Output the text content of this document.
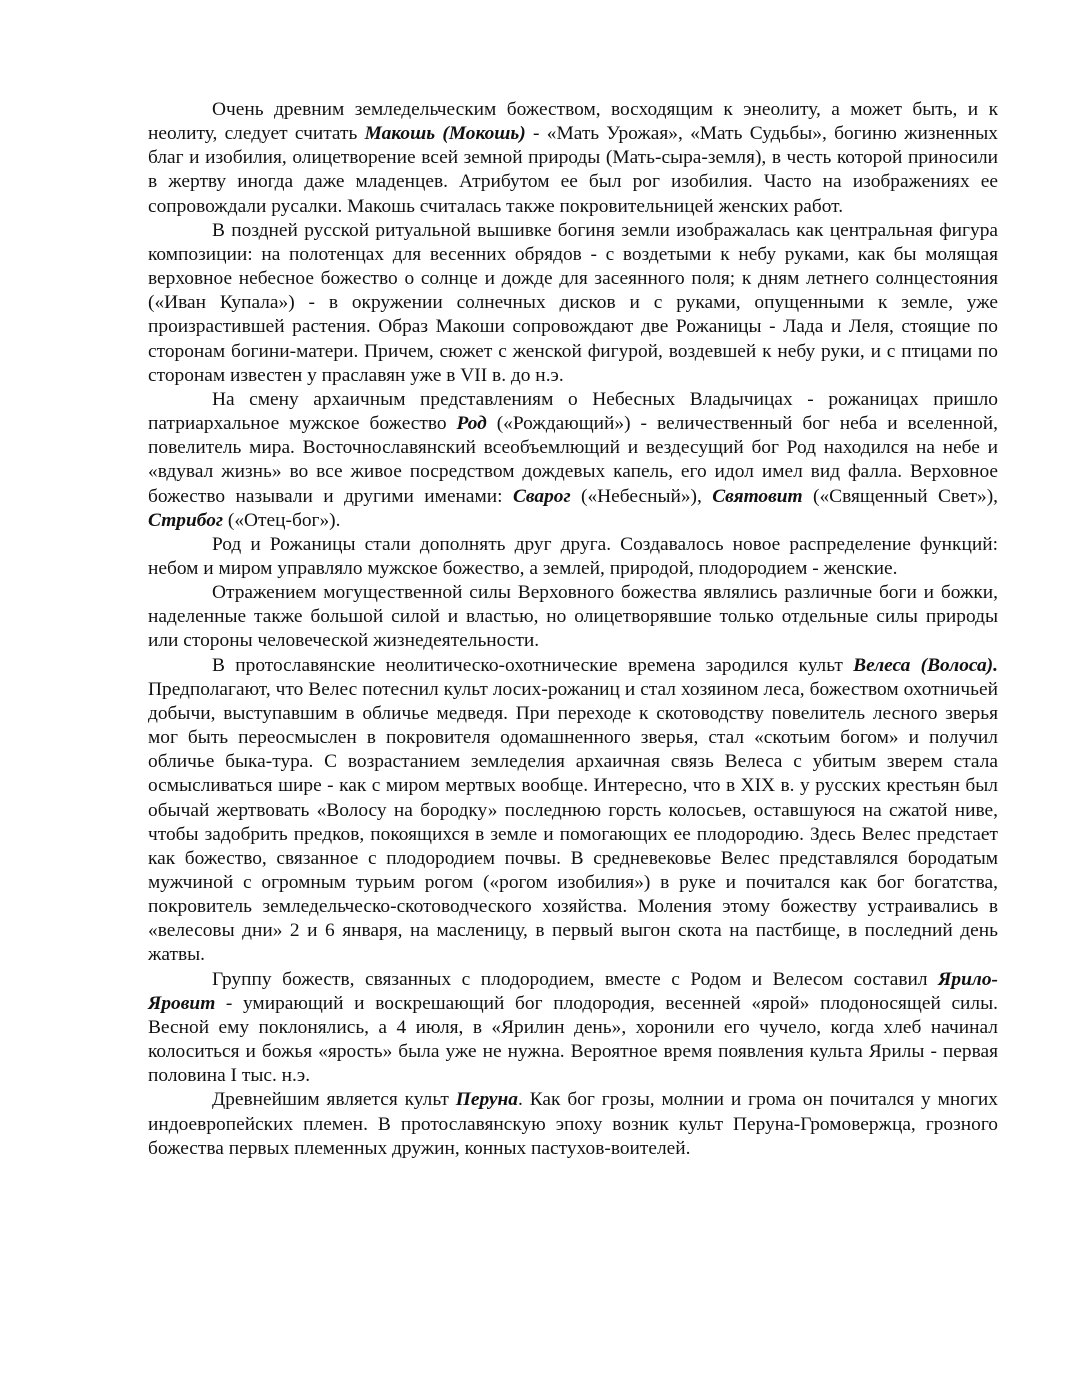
Очень древним земледельческим божеством, восходящим к энеолиту, а может быть, и к неолиту, следует считать Макошь (Мокошь) - «Мать Урожая», «Мать Судьбы», богиню жизненных благ и изобилия, олицетворение всей земной природы (Мать-сыра-земля), в честь которой приносили в жертву иногда даже младенцев. Атрибутом ее был рог изобилия. Часто на изображениях ее сопровождали русалки. Макошь считалась также покровительницей женских работ.

В поздней русской ритуальной вышивке богиня земли изображалась как центральная фигура композиции: на полотенцах для весенних обрядов - с воздетыми к небу руками, как бы молящая верховное небесное божество о солнце и дожде для засеянного поля; к дням летнего солнцестояния («Иван Купала») - в окружении солнечных дисков и с руками, опущенными к земле, уже произрастившей растения. Образ Макоши сопровождают две Рожаницы - Лада и Леля, стоящие по сторонам богини-матери. Причем, сюжет с женской фигурой, воздевшей к небу руки, и с птицами по сторонам известен у праславян уже в VII в. до н.э.

На смену архаичным представлениям о Небесных Владычицах - рожаницах пришло патриархальное мужское божество Род («Рождающий») - величественный бог неба и вселенной, повелитель мира. Восточнославянский всеобъемлющий и вездесущий бог Род находился на небе и «вдувал жизнь» во все живое посредством дождевых капель, его идол имел вид фалла. Верховное божество называли и другими именами: Сварог («Небесный»), Святовит («Священный Свет»), Стрибог («Отец-бог»).

Род и Рожаницы стали дополнять друг друга. Создавалось новое распределение функций: небом и миром управляло мужское божество, а землей, природой, плодородием - женские.

Отражением могущественной силы Верховного божества являлись различные боги и божки, наделенные также большой силой и властью, но олицетворявшие только отдельные силы природы или стороны человеческой жизнедеятельности.

В протославянские неолитическо-охотнические времена зародился культ Велеса (Волоса). Предполагают, что Велес потеснил культ лосих-рожаниц и стал хозяином леса, божеством охотничьей добычи, выступавшим в обличье медведя. При переходе к скотоводству повелитель лесного зверья мог быть переосмыслен в покровителя одомашненного зверья, стал «скотьим богом» и получил обличье быка-тура. С возрастанием земледелия архаичная связь Велеса с убитым зверем стала осмысливаться шире - как с миром мертвых вообще. Интересно, что в XIX в. у русских крестьян был обычай жертвовать «Волосу на бородку» последнюю горсть колосьев, оставшуюся на сжатой ниве, чтобы задобрить предков, покоящихся в земле и помогающих ее плодородию. Здесь Велес предстает как божество, связанное с плодородием почвы. В средневековье Велес представлялся бородатым мужчиной с огромным турьим рогом («рогом изобилия») в руке и почитался как бог богатства, покровитель земледельческо-скотоводческого хозяйства. Моления этому божеству устраивались в «велесовы дни» 2 и 6 января, на масленицу, в первый выгон скота на пастбище, в последний день жатвы.

Группу божеств, связанных с плодородием, вместе с Родом и Велесом составил Ярило-Яровит - умирающий и воскрешающий бог плодородия, весенней «ярой» плодоносящей силы. Весной ему поклонялись, а 4 июля, в «Ярилин день», хоронили его чучело, когда хлеб начинал колоситься и божья «ярость» была уже не нужна. Вероятное время появления культа Ярилы - первая половина I тыс. н.э.

Древнейшим является культ Перуна. Как бог грозы, молнии и грома он почитался у многих индоевропейских племен. В протославянскую эпоху возник культ Перуна-Громовержца, грозного божества первых племенных дружин, конных пастухов-воителей.
